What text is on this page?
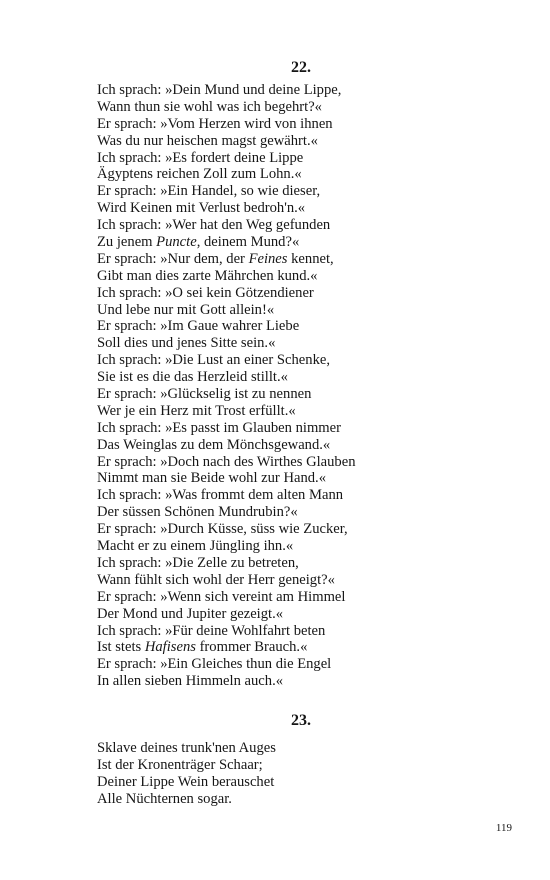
22.
Ich sprach: »Dein Mund und deine Lippe,
Wann thun sie wohl was ich begehrt?«
Er sprach: »Vom Herzen wird von ihnen
Was du nur heischen magst gewährt.«
Ich sprach: »Es fordert deine Lippe
Ägyptens reichen Zoll zum Lohn.«
Er sprach: »Ein Handel, so wie dieser,
Wird Keinen mit Verlust bedroh'n.«
Ich sprach: »Wer hat den Weg gefunden
Zu jenem Puncte, deinem Mund?«
Er sprach: »Nur dem, der Feines kennet,
Gibt man dies zarte Mährchen kund.«
Ich sprach: »O sei kein Götzendiener
Und lebe nur mit Gott allein!«
Er sprach: »Im Gaue wahrer Liebe
Soll dies und jenes Sitte sein.«
Ich sprach: »Die Lust an einer Schenke,
Sie ist es die das Herzleid stillt.«
Er sprach: »Glückselig ist zu nennen
Wer je ein Herz mit Trost erfüllt.«
Ich sprach: »Es passt im Glauben nimmer
Das Weinglas zu dem Mönchsgewand.«
Er sprach: »Doch nach des Wirthes Glauben
Nimmt man sie Beide wohl zur Hand.«
Ich sprach: »Was frommt dem alten Mann
Der süssen Schönen Mundrubin?«
Er sprach: »Durch Küsse, süss wie Zucker,
Macht er zu einem Jüngling ihn.«
Ich sprach: »Die Zelle zu betreten,
Wann fühlt sich wohl der Herr geneigt?«
Er sprach: »Wenn sich vereint am Himmel
Der Mond und Jupiter gezeigt.«
Ich sprach: »Für deine Wohlfahrt beten
Ist stets Hafisens frommer Brauch.«
Er sprach: »Ein Gleiches thun die Engel
In allen sieben Himmeln auch.«
23.
Sklave deines trunk'nen Auges
Ist der Kronenträger Schaar;
Deiner Lippe Wein berauschet
Alle Nüchternen sogar.
119
